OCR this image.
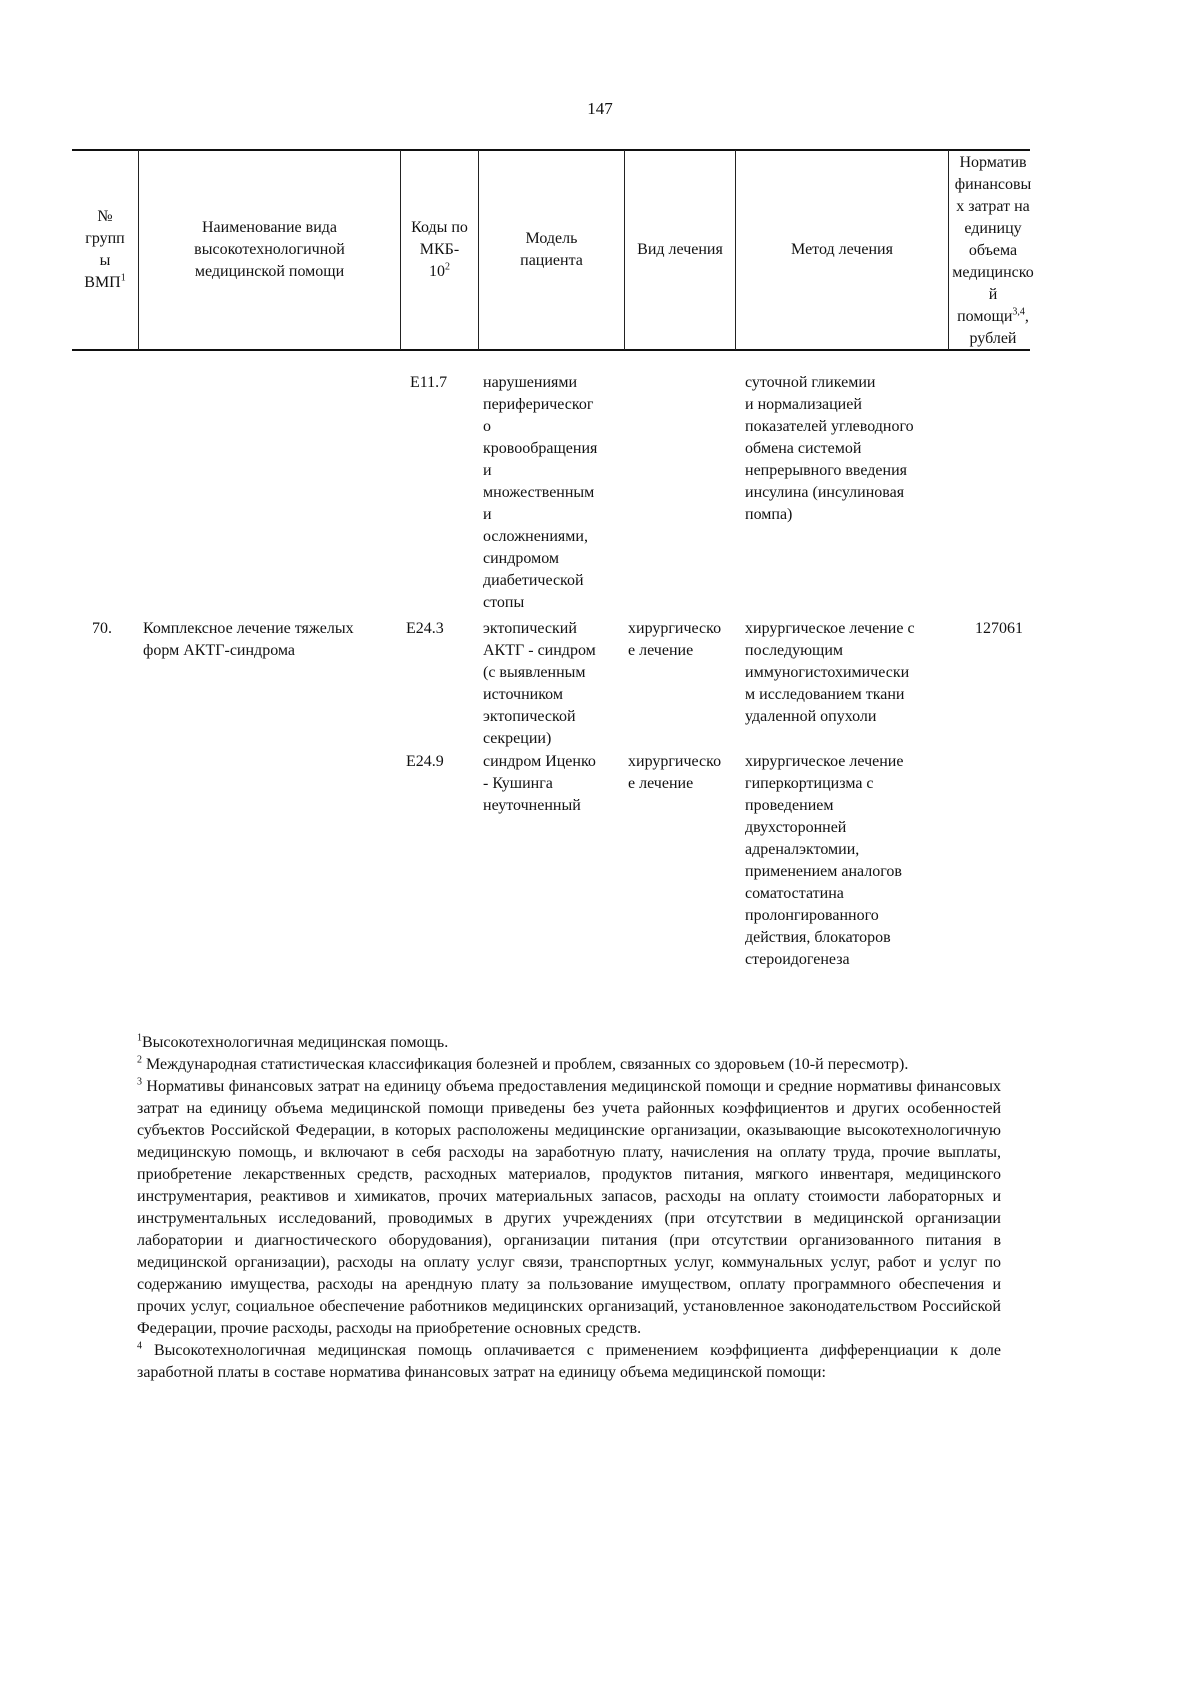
147
№
групп
ы
ВМП$^1$
Наименование вида
высокотехнологичной
медицинской помощи
Коды по
МКБ-
$10^2$
Модель
пациента
Вид лечения	Метод лечения
Норматив
финансовы
х затрат на
единицу
объема
медицинско
й
помощи$^{3,4}$,
рублей
E11.7 нарушениями
периферическог
о
кровообращения
и
множественным
и
осложнениями,
синдромом
диабетической
стопы
суточной гликемии
и нормализацией
показателей углеводного
обмена системой
непрерывного введения
инсулина (инсулиновая
помпа)
70. Комплексное лечение тяжелых
форм АКТГ-синдрома
E24.3 эктопический
АКТГ - синдром
(с выявленным
источником
эктопической
секреции)
хирургическо
е лечение
хирургическое лечение с
последующим
иммуногистохимически
м исследованием ткани
удаленной опухоли
127061
E24.9 синдром Иценко
- Кушинга
неуточненный
хирургическо
е лечение
хирургическое лечение
гиперкортицизма с
проведением
двухсторонней
адреналэктомии,
применением аналогов
соматостатина
пролонгированного
действия, блокаторов
стероидогенеза

$^1$Высокотехнологичная медицинская помощь.

$^2$ Международная статистическая классификация болезней и проблем, связанных со здоровьем (10-й пересмотр).

$^3$ Нормативы финансовых затрат на единицу объема предоставления медицинской помощи и средние нормативы финансовых затрат на единицу объема медицинской помощи приведены без учета районных коэффициентов и других особенностей субъектов Российской Федерации, в которых расположены медицинские организации, оказывающие высокотехнологичную медицинскую помощь, и включают в себя расходы на заработную плату, начисления на оплату труда, прочие выплаты, приобретение лекарственных средств, расходных материалов, продуктов питания, мягкого инвентаря, медицинского инструментария, реактивов и химикатов, прочих материальных запасов, расходы на оплату стоимости лабораторных и инструментальных исследований, проводимых в других учреждениях (при отсутствии в медицинской организации лаборатории и диагностического оборудования), организации питания (при отсутствии организованного питания в медицинской организации), расходы на оплату услуг связи, транспортных услуг, коммунальных услуг, работ и услуг по содержанию имущества, расходы на арендную плату за пользование имуществом, оплату программного обеспечения и прочих услуг, социальное обеспечение работников медицинских организаций, установленное законодательством Российской Федерации, прочие расходы, расходы на приобретение основных средств.

$^4$ Высокотехнологичная медицинская помощь оплачивается с применением коэффициента дифференциации к доле заработной платы в составе норматива финансовых затрат на единицу объема медицинской помощи:
